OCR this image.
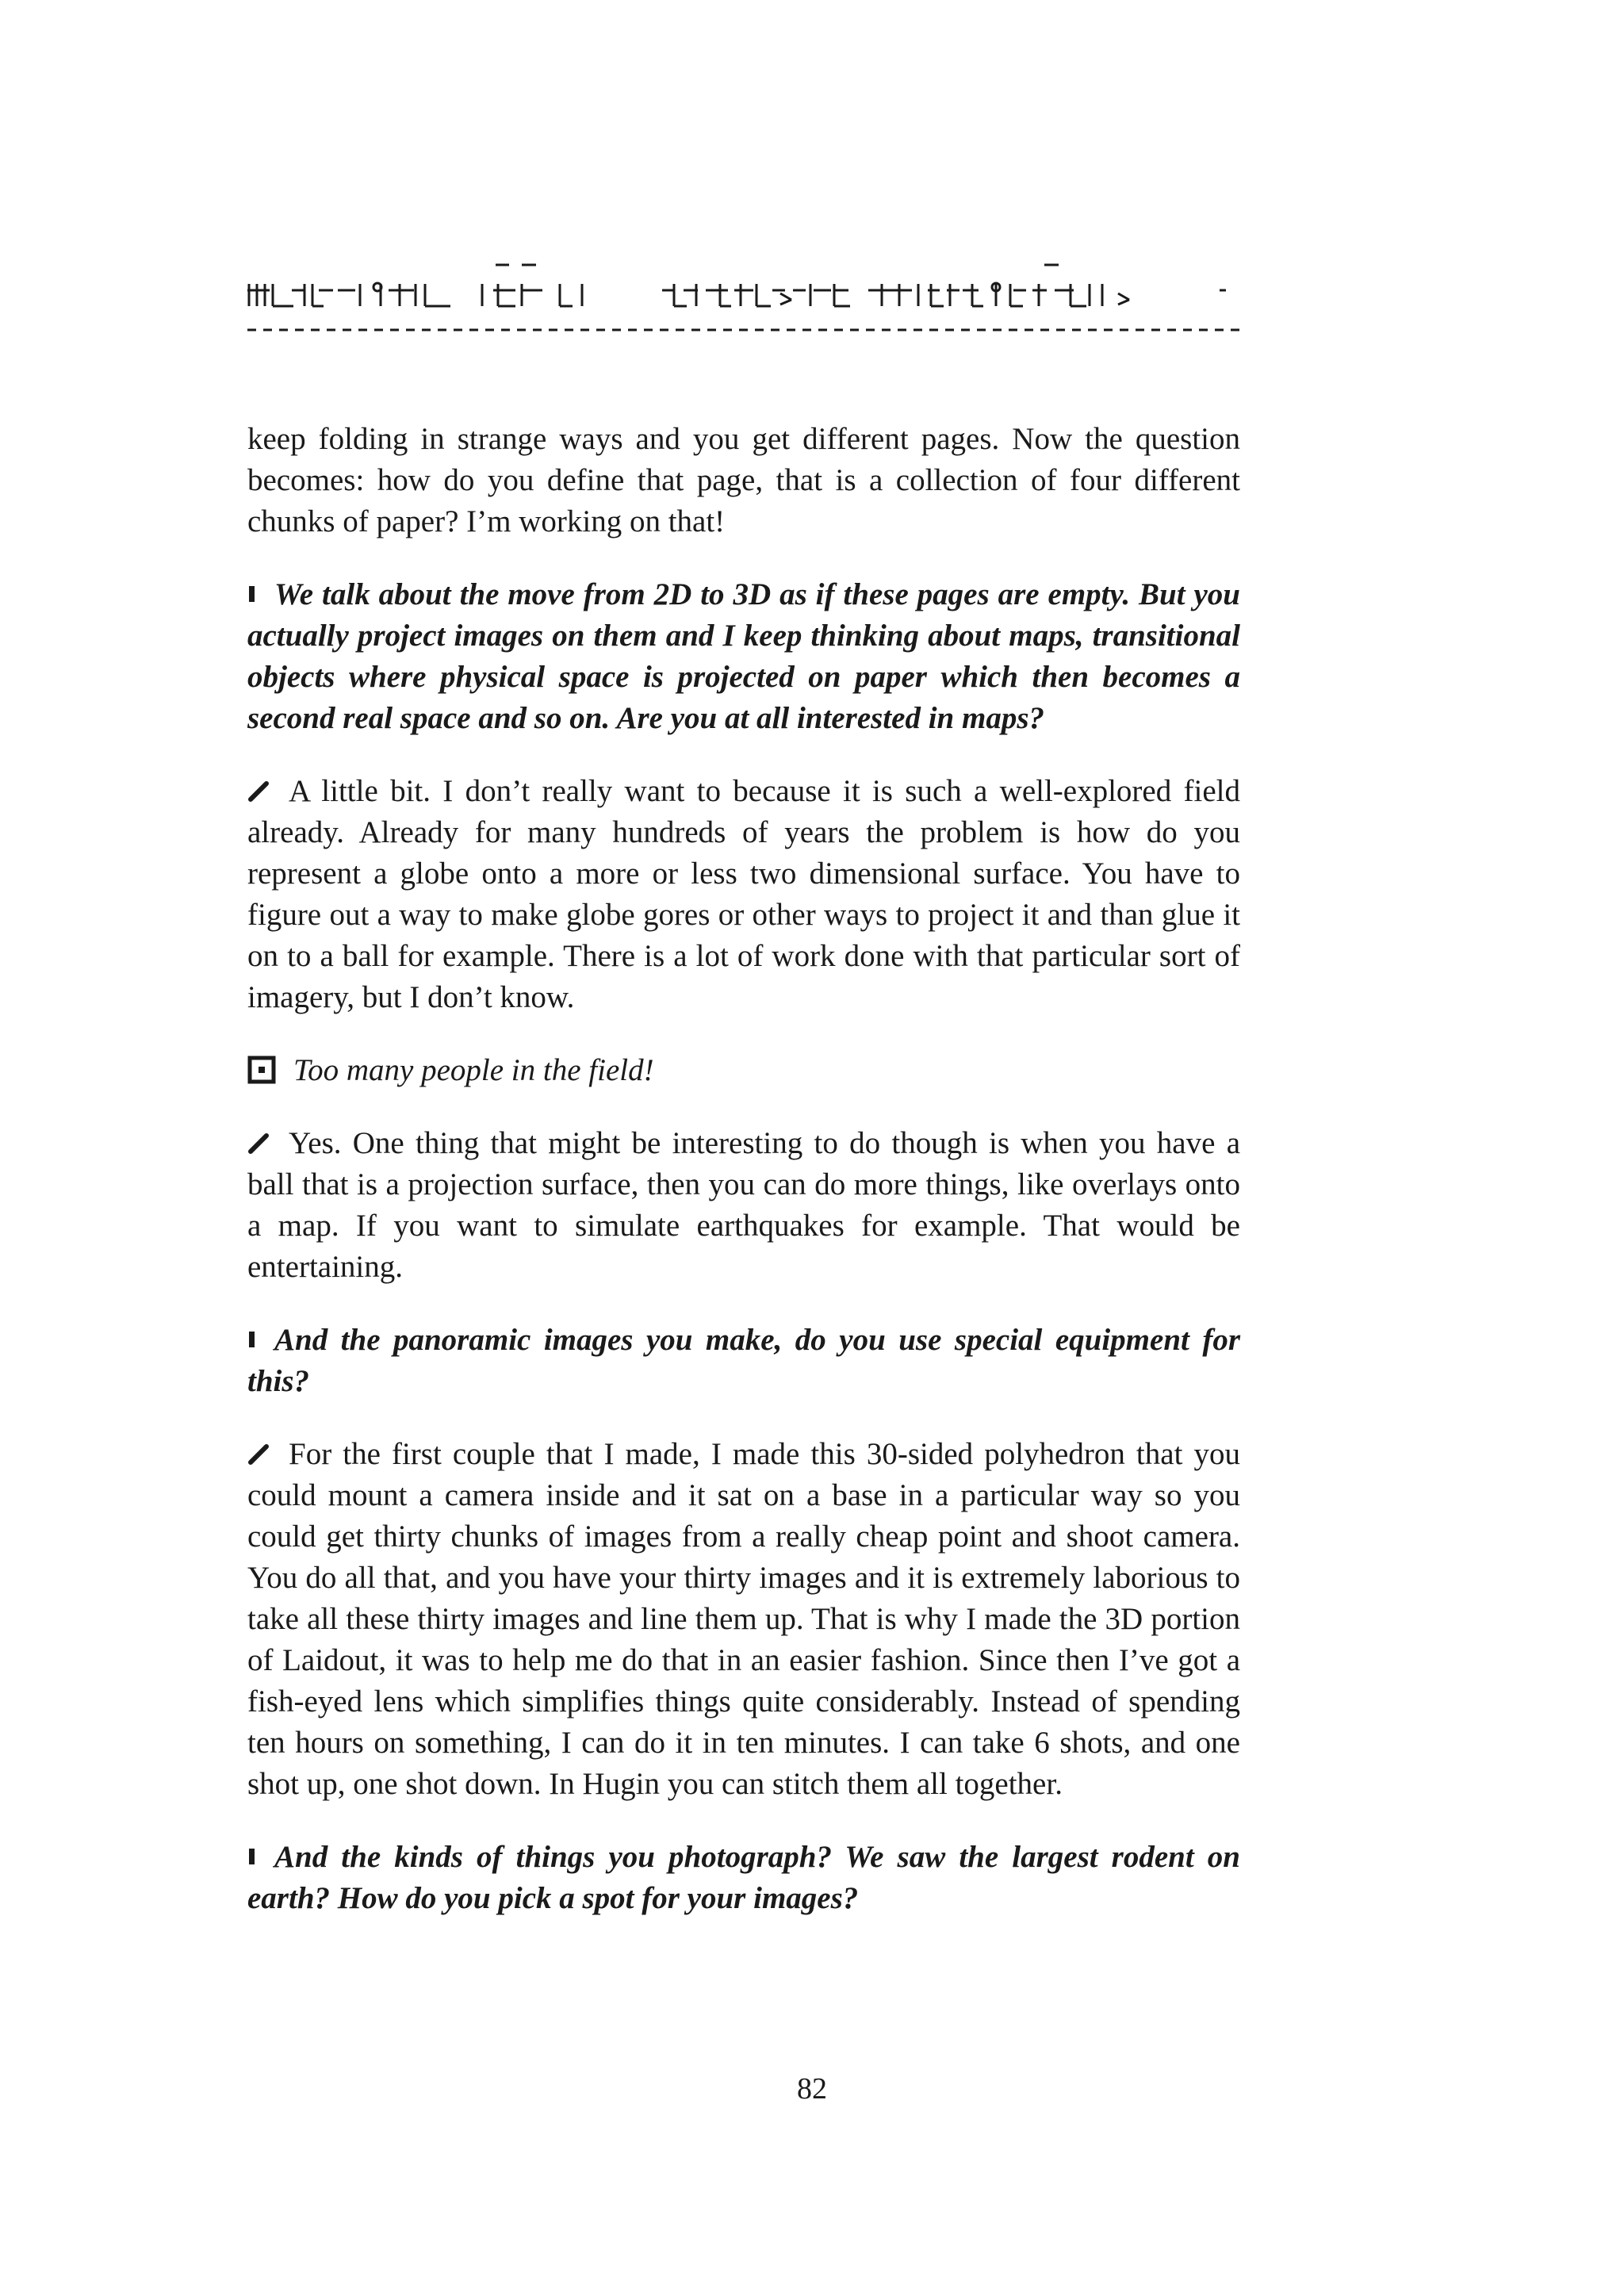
keep folding in strange ways and you get different pages. Now the question becomes: how do you define that page, that is a collection of four different chunks of paper? I’m working on that!

We talk about the move from 2D to 3D as if these pages are empty. But you actually project images on them and I keep thinking about maps, transitional objects where physical space is projected on paper which then becomes a second real space and so on. Are you at all interested in maps?

A little bit. I don’t really want to because it is such a well-explored field already. Already for many hundreds of years the problem is how do you represent a globe onto a more or less two dimensional surface. You have to figure out a way to make globe gores or other ways to project it and than glue it on to a ball for example. There is a lot of work done with that particular sort of imagery, but I don’t know.

Too many people in the field!

Yes. One thing that might be interesting to do though is when you have a ball that is a projection surface, then you can do more things, like overlays onto a map. If you want to simulate earthquakes for example. That would be entertaining.

And the panoramic images you make, do you use special equipment for this?

For the first couple that I made, I made this 30-sided polyhedron that you could mount a camera inside and it sat on a base in a particular way so you could get thirty chunks of images from a really cheap point and shoot camera. You do all that, and you have your thirty images and it is extremely laborious to take all these thirty images and line them up. That is why I made the 3D portion of Laidout, it was to help me do that in an easier fashion. Since then I’ve got a fish-eyed lens which simplifies things quite considerably. Instead of spending ten hours on something, I can do it in ten minutes. I can take 6 shots, and one shot up, one shot down. In Hugin you can stitch them all together.

And the kinds of things you photograph? We saw the largest rodent on earth? How do you pick a spot for your images?

82
